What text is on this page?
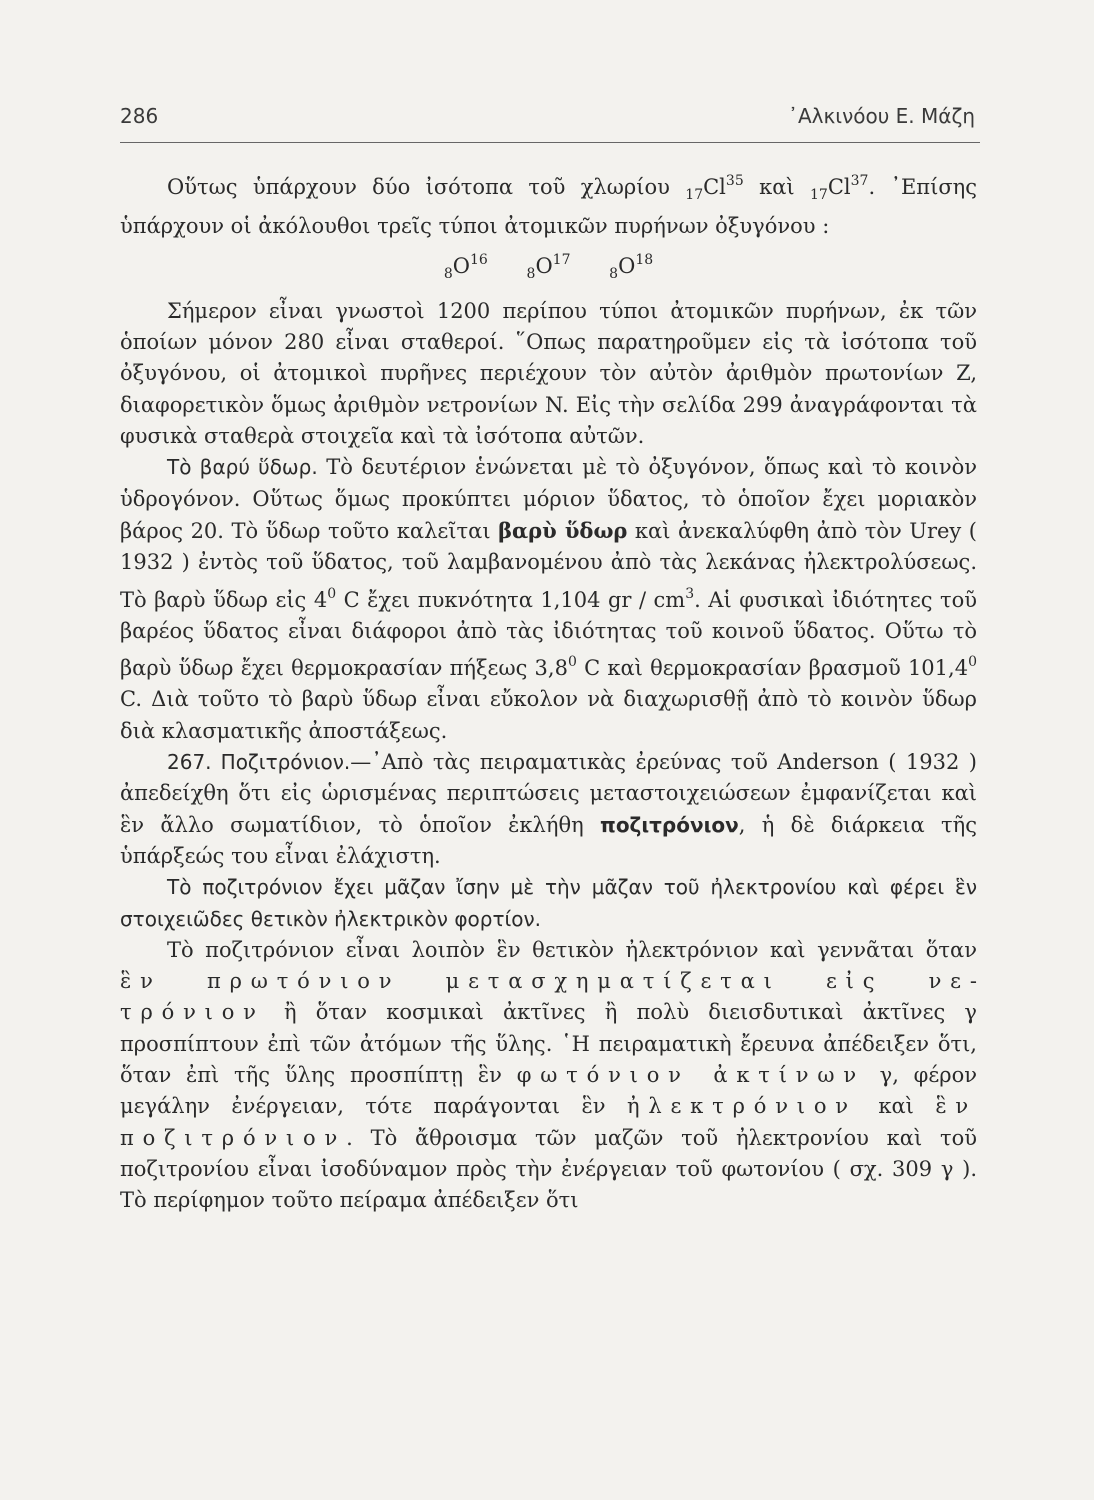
286	᾿Αλκινόου Ε. Μάζη

Οὕτως ὑπάρχουν δύο ἰσότοπα τοῦ χλωρίου $_{17}Cl^{35}$ καὶ $_{17}Cl^{37}$. ᾿Επίσης ὑπάρχουν οἱ ἀκόλουθοι τρεῖς τύποι ἀτομικῶν πυρήνων ὀξυγόνου :

$_8O^{16}$ $_8O^{17}$ $_8O^{18}$

Σήμερον εἶναι γνωστοὶ 1200 περίπου τύποι ἀτομικῶν πυρήνων, ἐκ τῶν ὁποίων μόνον 280 εἶναι σταθεροί. ῞Οπως παρατηροῦμεν εἰς τὰ ἰσότοπα τοῦ ὀξυγόνου, οἱ ἀτομικοὶ πυρῆνες περιέχουν τὸν αὐτὸν ἀριθμὸν πρωτονίων Z, διαφορετικὸν ὅμως ἀριθμὸν νετρονίων N. Εἰς τὴν σελίδα 299 ἀναγράφονται τὰ φυσικὰ σταθερὰ στοιχεῖα καὶ τὰ ἰσότοπα αὐτῶν.

Τὸ βαρύ ὕδωρ. Τὸ δευτέριον ἑνώνεται μὲ τὸ ὀξυγόνον, ὅπως καὶ τὸ κοινὸν ὑδρογόνον. Οὕτως ὅμως προκύπτει μόριον ὕδατος, τὸ ὁποῖον ἔχει μοριακὸν βάρος 20. Τὸ ὕδωρ τοῦτο καλεῖται βαρὺ ὕδωρ καὶ ἀνεκαλύφθη ἀπὸ τὸν Urey ( 1932 ) ἐντὸς τοῦ ὕδατος, τοῦ λαμβανομένου ἀπὸ τὰς λεκάνας ἠλεκτρολύσεως. Τὸ βαρὺ ὕδωρ εἰς $4^0$ C ἔχει πυκνότητα 1,104 gr / $cm^3$. Αἱ φυσικαὶ ἰδιότητες τοῦ βαρέος ὕδατος εἶναι διάφοροι ἀπὸ τὰς ἰδιότητας τοῦ κοινοῦ ὕδατος. Οὕτω τὸ βαρὺ ὕδωρ ἔχει θερμοκρασίαν πήξεως $3,8^0$ C καὶ θερμοκρασίαν βρασμοῦ 101,4$^0$ C. Διὰ τοῦτο τὸ βαρὺ ὕδωρ εἶναι εὔκολον νὰ διαχωρισθῇ ἀπὸ τὸ κοινὸν ὕδωρ διὰ κλασματικῆς ἀποστάξεως.

267. Ποζιτρόνιον.—᾿Απὸ τὰς πειραματικὰς ἐρεύνας τοῦ Anderson ( 1932 ) ἀπεδείχθη ὅτι εἰς ὡρισμένας περιπτώσεις μεταστοιχειώσεων ἐμφανίζεται καὶ ἓν ἄλλο σωματίδιον, τὸ ὁποῖον ἐκλήθη ποζιτρόνιον, ἡ δὲ διάρκεια τῆς ὑπάρξεώς του εἶναι ἐλάχιστη.

Τὸ ποζιτρόνιον ἔχει μᾶζαν ἴσην μὲ τὴν μᾶζαν τοῦ ἠλεκτρονίου καὶ φέρει ἓν στοιχειῶδες θετικὸν ἠλεκτρικὸν φορτίον.

Τὸ ποζιτρόνιον εἶναι λοιπὸν ἓν θετικὸν ἠλεκτρόνιον καὶ γεννᾶται ὅταν ἓν πρωτόνιον μετασχηματίζεται εἰς νετρόνιον ἢ ὅταν κοσμικαὶ ἀκτῖνες ἢ πολὺ διεισδυτικαὶ ἀκτῖνες γ προσπίπτουν ἐπὶ τῶν ἀτόμων τῆς ὕλης. ῾Η πειραματικὴ ἔρευνα ἀπέδειξεν ὅτι, ὅταν ἐπὶ τῆς ὕλης προσπίπτῃ ἓν φωτόνιον ἀκτίνων γ, φέρον μεγάλην ἐνέργειαν, τότε παράγονται ἓν ἠλεκτρόνιον καὶ ἓν ποζιτρόνιον. Τὸ ἄθροισμα τῶν μαζῶν τοῦ ἠλεκτρονίου καὶ τοῦ ποζιτρονίου εἶναι ἰσοδύναμον πρὸς τὴν ἐνέργειαν τοῦ φωτονίου ( σχ. 309 γ ). Τὸ περίφημον τοῦτο πείραμα ἀπέδειξεν ὅτι
